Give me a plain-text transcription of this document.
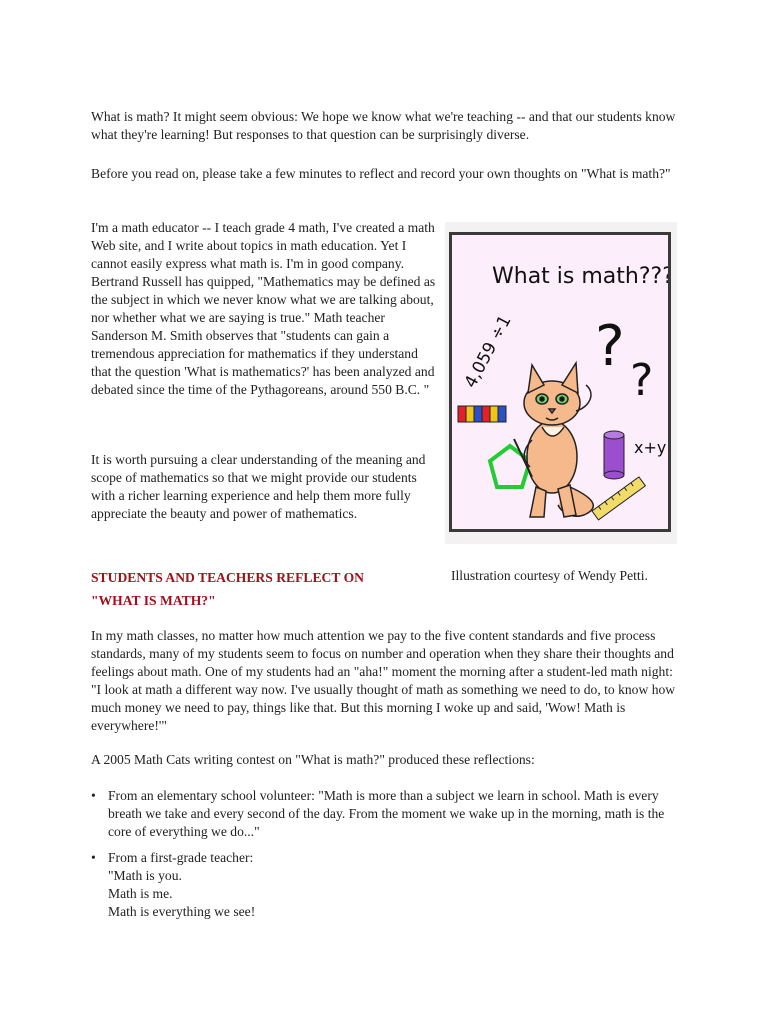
What is math? It might seem obvious: We hope we know what we're teaching -- and that our students know what they're learning! But responses to that question can be surprisingly diverse.

Before you read on, please take a few minutes to reflect and record your own thoughts on "What is math?"

I'm a math educator -- I teach grade 4 math, I've created a math Web site, and I write about topics in math education. Yet I cannot easily express what math is. I'm in good company. Bertrand Russell has quipped, "Mathematics may be defined as the subject in which we never know what we are talking about, nor whether what we are saying is true." Math teacher Sanderson M. Smith observes that "students can gain a tremendous appreciation for mathematics if they understand that the question 'What is mathematics?' has been analyzed and debated since the time of the Pythagoreans, around 550 B.C. "

It is worth pursuing a clear understanding of the meaning and scope of mathematics so that we might provide our students with a richer learning experience and help them more fully appreciate the beauty and power of mathematics.

What is math???
4,059 ÷1 ?
?
x+y
STUDENTS AND TEACHERS REFLECT ON
"WHAT IS MATH?"

Illustration courtesy of Wendy Petti.

In my math classes, no matter how much attention we pay to the five content standards and five process standards, many of my students seem to focus on number and operation when they share their thoughts and feelings about math. One of my students had an "aha!" moment the morning after a student-led math night: "I look at math a different way now. I've usually thought of math as something we need to do, to know how much money we need to pay, things like that. But this morning I woke up and said, 'Wow! Math is everywhere!'"

A 2005 Math Cats writing contest on "What is math?" produced these reflections:

• From an elementary school volunteer: "Math is more than a subject we learn in school. Math is every breath we take and every second of the day. From the moment we wake up in the morning, math is the core of everything we do..."
• From a first-grade teacher:
"Math is you.
Math is me.
Math is everything we see!
